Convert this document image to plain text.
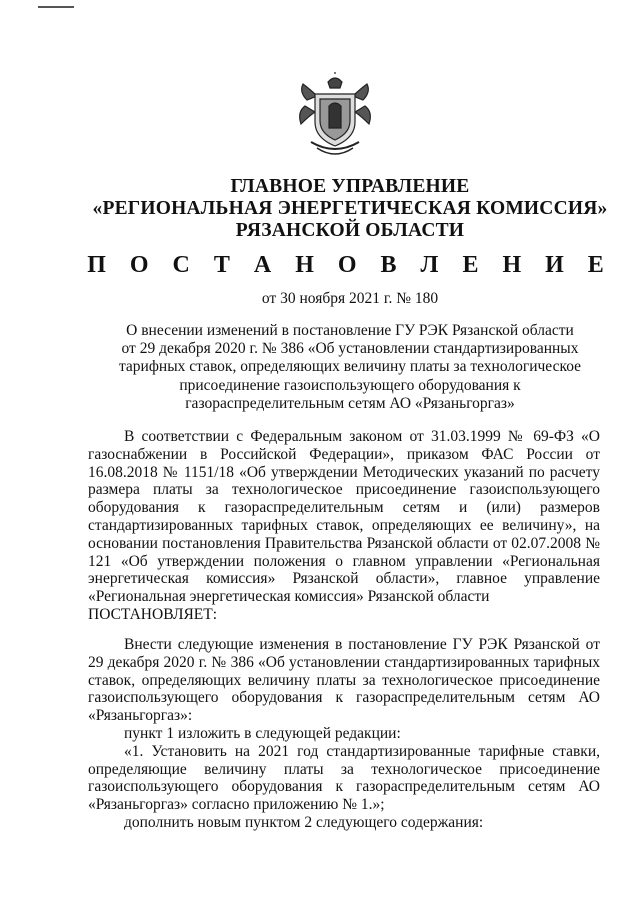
ГЛАВНОЕ УПРАВЛЕНИЕ
«РЕГИОНАЛЬНАЯ ЭНЕРГЕТИЧЕСКАЯ КОМИССИЯ»
РЯЗАНСКОЙ ОБЛАСТИ
П О С Т А Н О В Л Е Н И Е
от 30 ноября 2021 г. № 180
О внесении изменений в постановление ГУ РЭК Рязанской области
от 29 декабря 2020 г. № 386 «Об установлении стандартизированных
тарифных ставок, определяющих величину платы за технологическое
присоединение газоиспользующего оборудования к
газораспределительным сетям АО «Рязаньгоргаз»

В соответствии с Федеральным законом от 31.03.1999 № 69-ФЗ «О газоснабжении в Российской Федерации», приказом ФАС России от 16.08.2018 № 1151/18 «Об утверждении Методических указаний по расчету размера платы за технологическое присоединение газоиспользующего оборудования к газораспределительным сетям и (или) размеров стандартизированных тарифных ставок, определяющих ее величину», на основании постановления Правительства Рязанской области от 02.07.2008 № 121 «Об утверждении положения о главном управлении «Региональная энергетическая комиссия» Рязанской области», главное управление «Региональная энергетическая комиссия» Рязанской области

ПОСТАНОВЛЯЕТ:

Внести следующие изменения в постановление ГУ РЭК Рязанской от 29 декабря 2020 г. № 386 «Об установлении стандартизированных тарифных ставок, определяющих величину платы за технологическое присоединение газоиспользующего оборудования к газораспределительным сетям АО «Рязаньгоргаз»:

пункт 1 изложить в следующей редакции:

«1. Установить на 2021 год стандартизированные тарифные ставки, определяющие величину платы за технологическое присоединение газоиспользующего оборудования к газораспределительным сетям АО «Рязаньгоргаз» согласно приложению № 1.»;

дополнить новым пунктом 2 следующего содержания:
